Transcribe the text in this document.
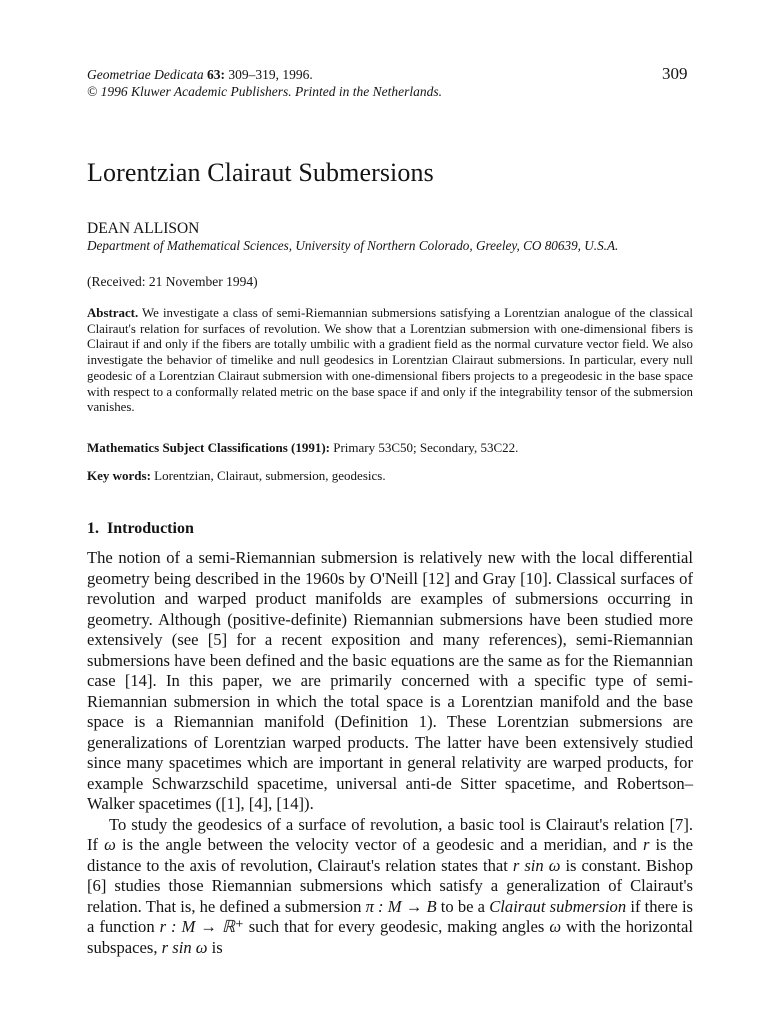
Geometriae Dedicata 63: 309–319, 1996.
© 1996 Kluwer Academic Publishers. Printed in the Netherlands.
309
Lorentzian Clairaut Submersions
DEAN ALLISON
Department of Mathematical Sciences, University of Northern Colorado, Greeley, CO 80639, U.S.A.
(Received: 21 November 1994)

Abstract. We investigate a class of semi-Riemannian submersions satisfying a Lorentzian analogue of the classical Clairaut's relation for surfaces of revolution. We show that a Lorentzian submersion with one-dimensional fibers is Clairaut if and only if the fibers are totally umbilic with a gradient field as the normal curvature vector field. We also investigate the behavior of timelike and null geodesics in Lorentzian Clairaut submersions. In particular, every null geodesic of a Lorentzian Clairaut submersion with one-dimensional fibers projects to a pregeodesic in the base space with respect to a conformally related metric on the base space if and only if the integrability tensor of the submersion vanishes.

Mathematics Subject Classifications (1991): Primary 53C50; Secondary, 53C22.
Key words: Lorentzian, Clairaut, submersion, geodesics.
1. Introduction

The notion of a semi-Riemannian submersion is relatively new with the local differential geometry being described in the 1960s by O'Neill [12] and Gray [10]. Classical surfaces of revolution and warped product manifolds are examples of submersions occurring in geometry. Although (positive-definite) Riemannian submersions have been studied more extensively (see [5] for a recent exposition and many references), semi-Riemannian submersions have been defined and the basic equations are the same as for the Riemannian case [14]. In this paper, we are primarily concerned with a specific type of semi-Riemannian submersion in which the total space is a Lorentzian manifold and the base space is a Riemannian manifold (Definition 1). These Lorentzian submersions are generalizations of Lorentzian warped products. The latter have been extensively studied since many spacetimes which are important in general relativity are warped products, for example Schwarzschild spacetime, universal anti-de Sitter spacetime, and Robertson–Walker spacetimes ([1], [4], [14]).

To study the geodesics of a surface of revolution, a basic tool is Clairaut's relation [7]. If ω is the angle between the velocity vector of a geodesic and a meridian, and r is the distance to the axis of revolution, Clairaut's relation states that r sin ω is constant. Bishop [6] studies those Riemannian submersions which satisfy a generalization of Clairaut's relation. That is, he defined a submersion π : M → B to be a Clairaut submersion if there is a function r : M → ℝ⁺ such that for every geodesic, making angles ω with the horizontal subspaces, r sin ω is
